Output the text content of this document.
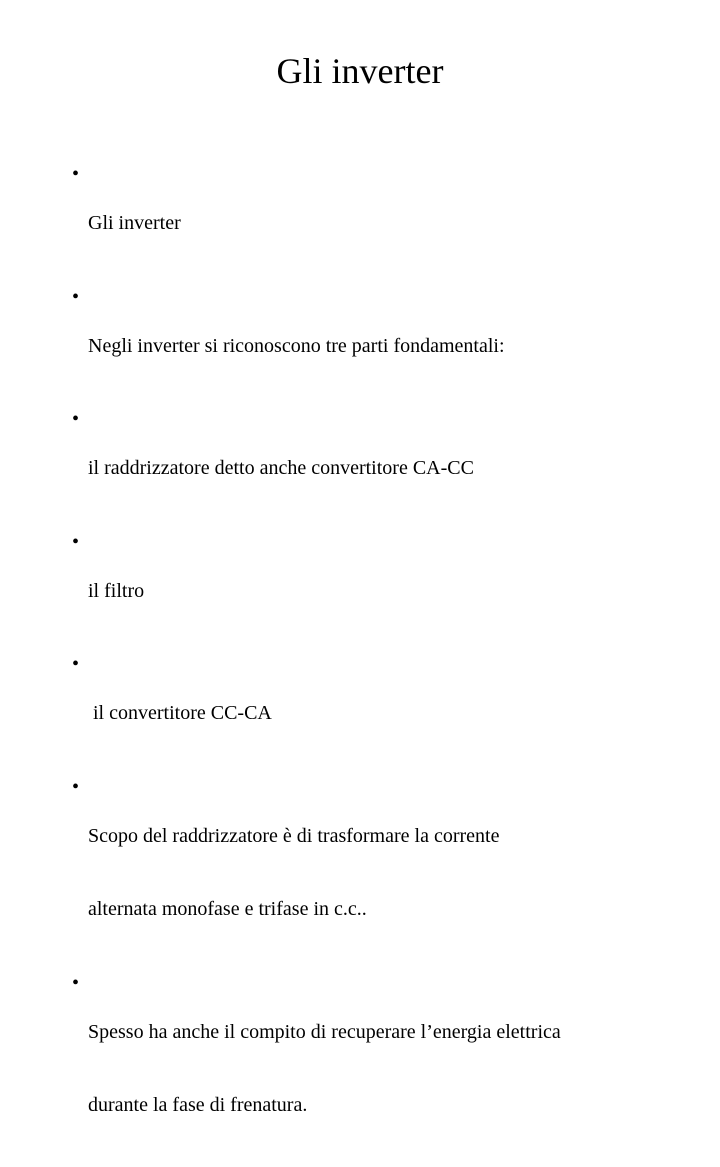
Gli inverter
•

Gli inverter

•

Negli inverter si riconoscono tre parti fondamentali:

•

il raddrizzatore detto anche convertitore CA-CC

•

il filtro

•

il convertitore CC-CA

•

Scopo del raddrizzatore è di trasformare la corrente

alternata monofase e trifase in c.c..

•

Spesso ha anche il compito di recuperare l’energia elettrica

durante la fase di frenatura.
